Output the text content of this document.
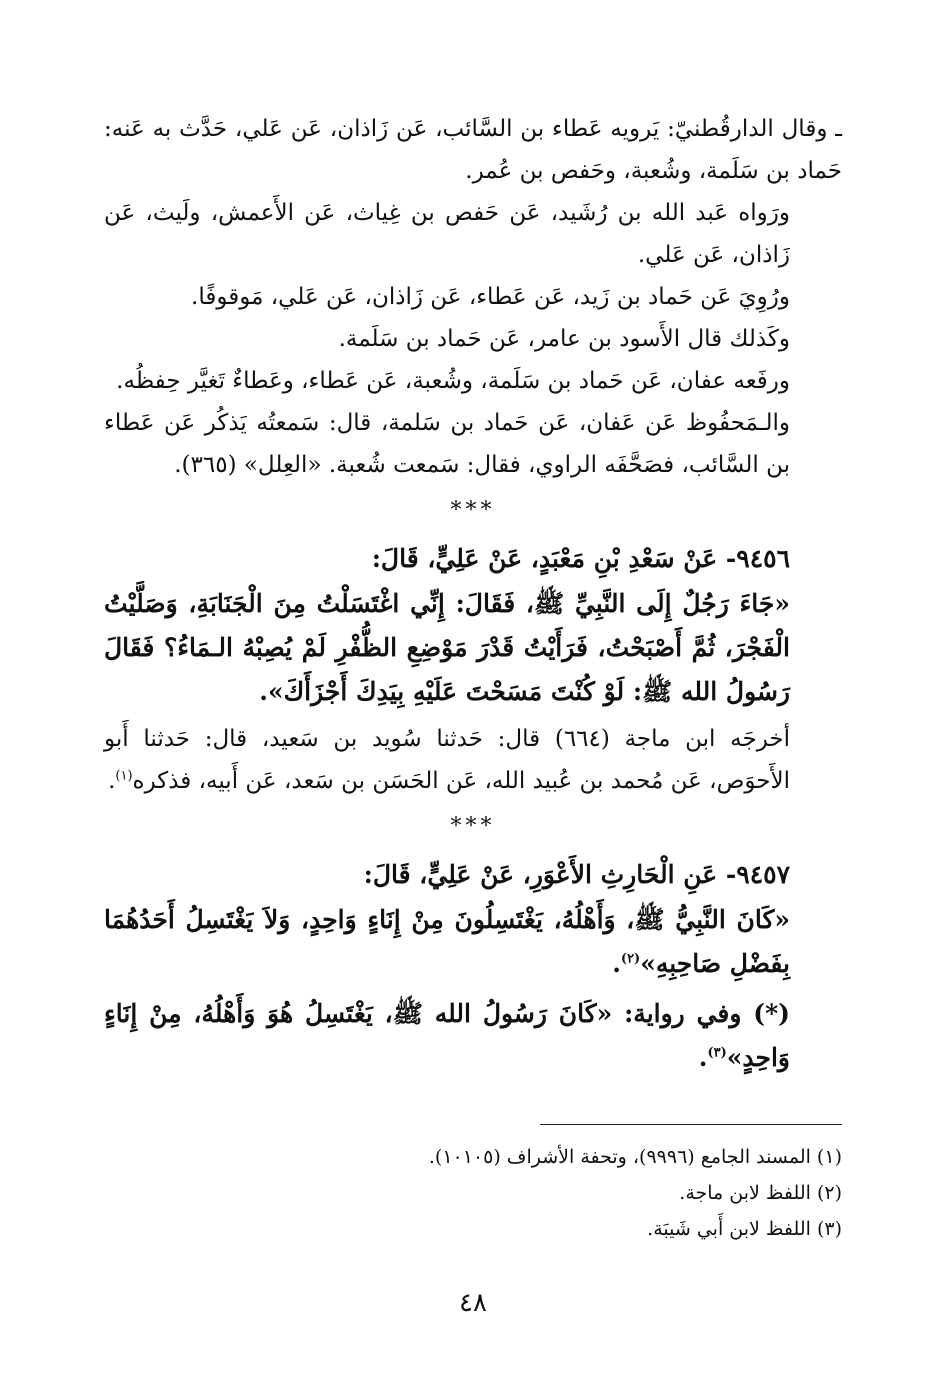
ـ وقال الدارقُطنيّ: يَرويه عَطاء بن السَّائب، عَن زَاذان، عَن عَلي، حَدَّث به عَنه: حَماد بن سَلَمة، وشُعبة، وحَفص بن عُمر.

ورَواه عَبد الله بن رُشَيد، عَن حَفص بن غِياث، عَن الأَعمش، ولَيث، عَن زَاذان، عَن عَلي.

ورُوِيَ عَن حَماد بن زَيد، عَن عَطاء، عَن زَاذان، عَن عَلي، مَوقوفًا.

وكَذلك قال الأَسود بن عامر، عَن حَماد بن سَلَمة.

ورفَعه عفان، عَن حَماد بن سَلَمة، وشُعبة، عَن عَطاء، وعَطاءٌ تَغيَّر حِفظُه.

والـمَحفُوظ عَن عَفان، عَن حَماد بن سَلمة، قال: سَمعتُه يَذكُر عَن عَطاء بن السَّائب، فصَحَّفَه الراوي، فقال: سَمعت شُعبة. «العِلل» (٣٦٥).

***

٩٤٥٦- عَنْ سَعْدِ بْنِ مَعْبَدٍ، عَنْ عَلِيٍّ، قَالَ:

«جَاءَ رَجُلٌ إِلَى النَّبِيِّ ﷺ، فَقَالَ: إِنِّي اغْتَسَلْتُ مِنَ الْجَنَابَةِ، وَصَلَّيْتُ الْفَجْرَ، ثُمَّ أَصْبَحْتُ، فَرَأَيْتُ قَدْرَ مَوْضِعِ الظُّفْرِ لَمْ يُصِبْهُ الـمَاءُ؟ فَقَالَ رَسُولُ الله ﷺ: لَوْ كُنْتَ مَسَحْتَ عَلَيْهِ بِيَدِكَ أَجْزَأَكَ».

أخرجَه ابن ماجة (٦٦٤) قال: حَدثنا سُويد بن سَعيد، قال: حَدثنا أَبو الأَحوَص، عَن مُحمد بن عُبيد الله، عَن الحَسَن بن سَعد، عَن أَبيه، فذكره$^{(١)}$.

***

٩٤٥٧- عَنِ الْحَارِثِ الأَعْوَرِ، عَنْ عَلِيٍّ، قَالَ:

«كَانَ النَّبِيُّ ﷺ، وَأَهْلُهُ، يَغْتَسِلُونَ مِنْ إِنَاءٍ وَاحِدٍ، وَلاَ يَغْتَسِلُ أَحَدُهُمَا بِفَضْلِ صَاحِبِهِ»$^{(٢)}$.

(*) وفي رواية: «كَانَ رَسُولُ الله ﷺ، يَغْتَسِلُ هُوَ وَأَهْلُهُ، مِنْ إِنَاءٍ وَاحِدٍ»$^{(٣)}$.

(١) المسند الجامع (٩٩٩٦)، وتحفة الأشراف (١٠١٠٥).

(٢) اللفظ لابن ماجة.

(٣) اللفظ لابن أَبي شَيبَة.

٤٨
